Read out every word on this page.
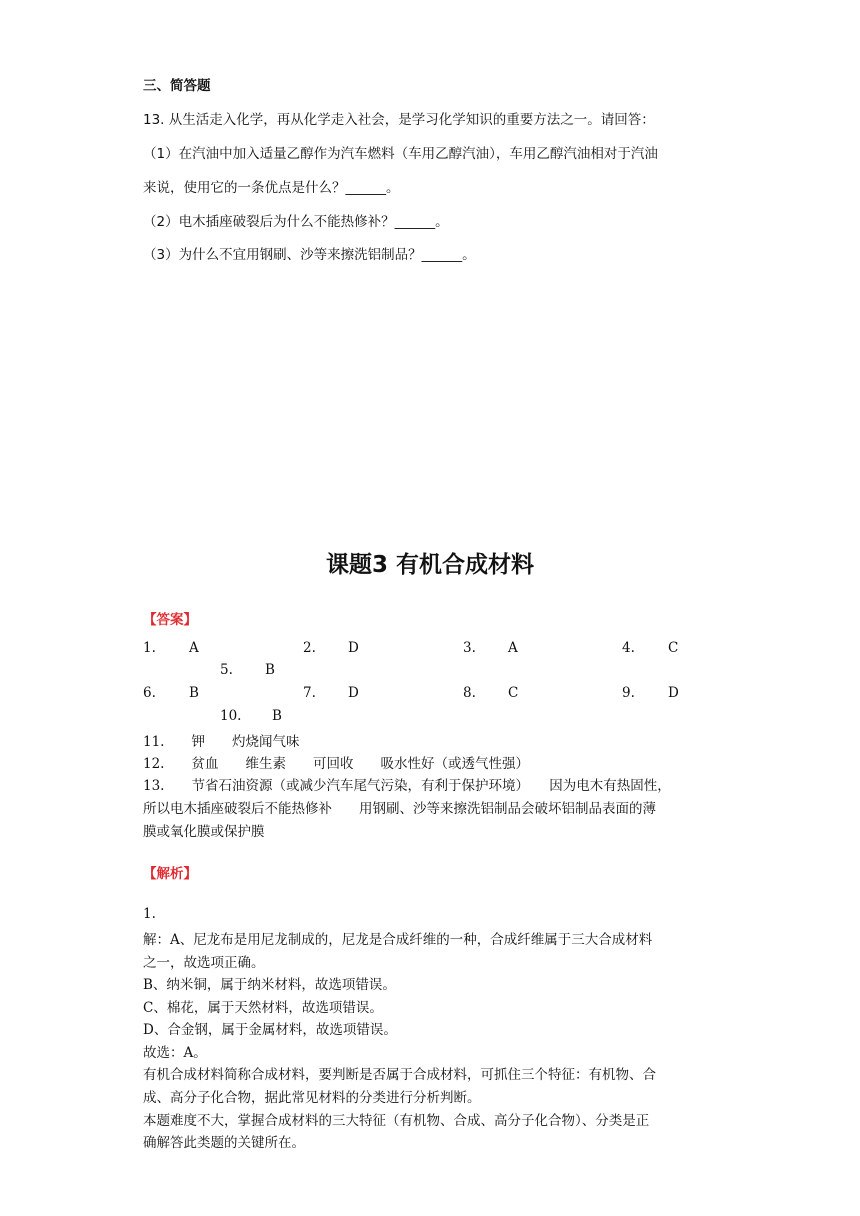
三、简答题
13. 从生活走入化学，再从化学走入社会，是学习化学知识的重要方法之一。请回答：
（1）在汽油中加入适量乙醇作为汽车燃料（车用乙醇汽油），车用乙醇汽油相对于汽油
来说，使用它的一条优点是什么？______。
（2）电木插座破裂后为什么不能热修补？______。
（3）为什么不宜用钢刷、沙等来擦洗铝制品？______。
课题3 有机合成材料
【答案】
1. A	2. D	3. A	4. C
5. B
6. B	7. D	8. C	9. D
10. B
11.　　钾　　灼烧闻气味
12.　　贫血　　维生素　　可回收　　吸水性好（或透气性强）
13.　　节省石油资源（或减少汽车尾气污染，有利于保护环境）　　因为电木有热固性，
所以电木插座破裂后不能热修补　　用钢刷、沙等来擦洗铝制品会破坏铝制品表面的薄
膜或氧化膜或保护膜
【解析】
1.
解：A、尼龙布是用尼龙制成的，尼龙是合成纤维的一种，合成纤维属于三大合成材料
之一，故选项正确。
B、纳米铜，属于纳米材料，故选项错误。
C、棉花，属于天然材料，故选项错误。
D、合金钢，属于金属材料，故选项错误。
故选：A。
有机合成材料简称合成材料，要判断是否属于合成材料，可抓住三个特征：有机物、合
成、高分子化合物，据此常见材料的分类进行分析判断。
本题难度不大，掌握合成材料的三大特征（有机物、合成、高分子化合物）、分类是正
确解答此类题的关键所在。
